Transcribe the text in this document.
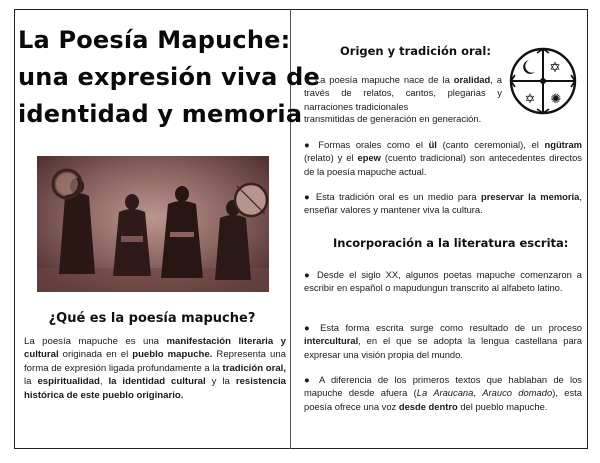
La Poesía Mapuche:
una expresión viva de
identidad y memoria
¿Qué es la poesía mapuche?

La poesía mapuche es una manifestación literaria y cultural originada en el pueblo mapuche. Representa una forma de expresión ligada profundamente a la tradición oral, la espiritualidad, la identidad cultural y la resistencia histórica de este pueblo originario.

Origen y tradición oral:
✡
✡ ✺

● La poesía mapuche nace de la oralidad, a través de relatos, cantos, plegarias y narraciones tradicionales

transmitidas de generación en generación.

● Formas orales como el ül (canto ceremonial), el ngütram (relato) y el epew (cuento tradicional) son antecedentes directos de la poesía mapuche actual.

● Esta tradición oral es un medio para preservar la memoria, enseñar valores y mantener viva la cultura.

Incorporación a la literatura escrita:

● Desde el siglo XX, algunos poetas mapuche comenzaron a escribir en español o mapudungun transcrito al alfabeto latino.

● Esta forma escrita surge como resultado de un proceso intercultural, en el que se adopta la lengua castellana para expresar una visión propia del mundo.

● A diferencia de los primeros textos que hablaban de los mapuche desde afuera (La Araucana, Arauco domado), esta poesía ofrece una voz desde dentro del pueblo mapuche.
